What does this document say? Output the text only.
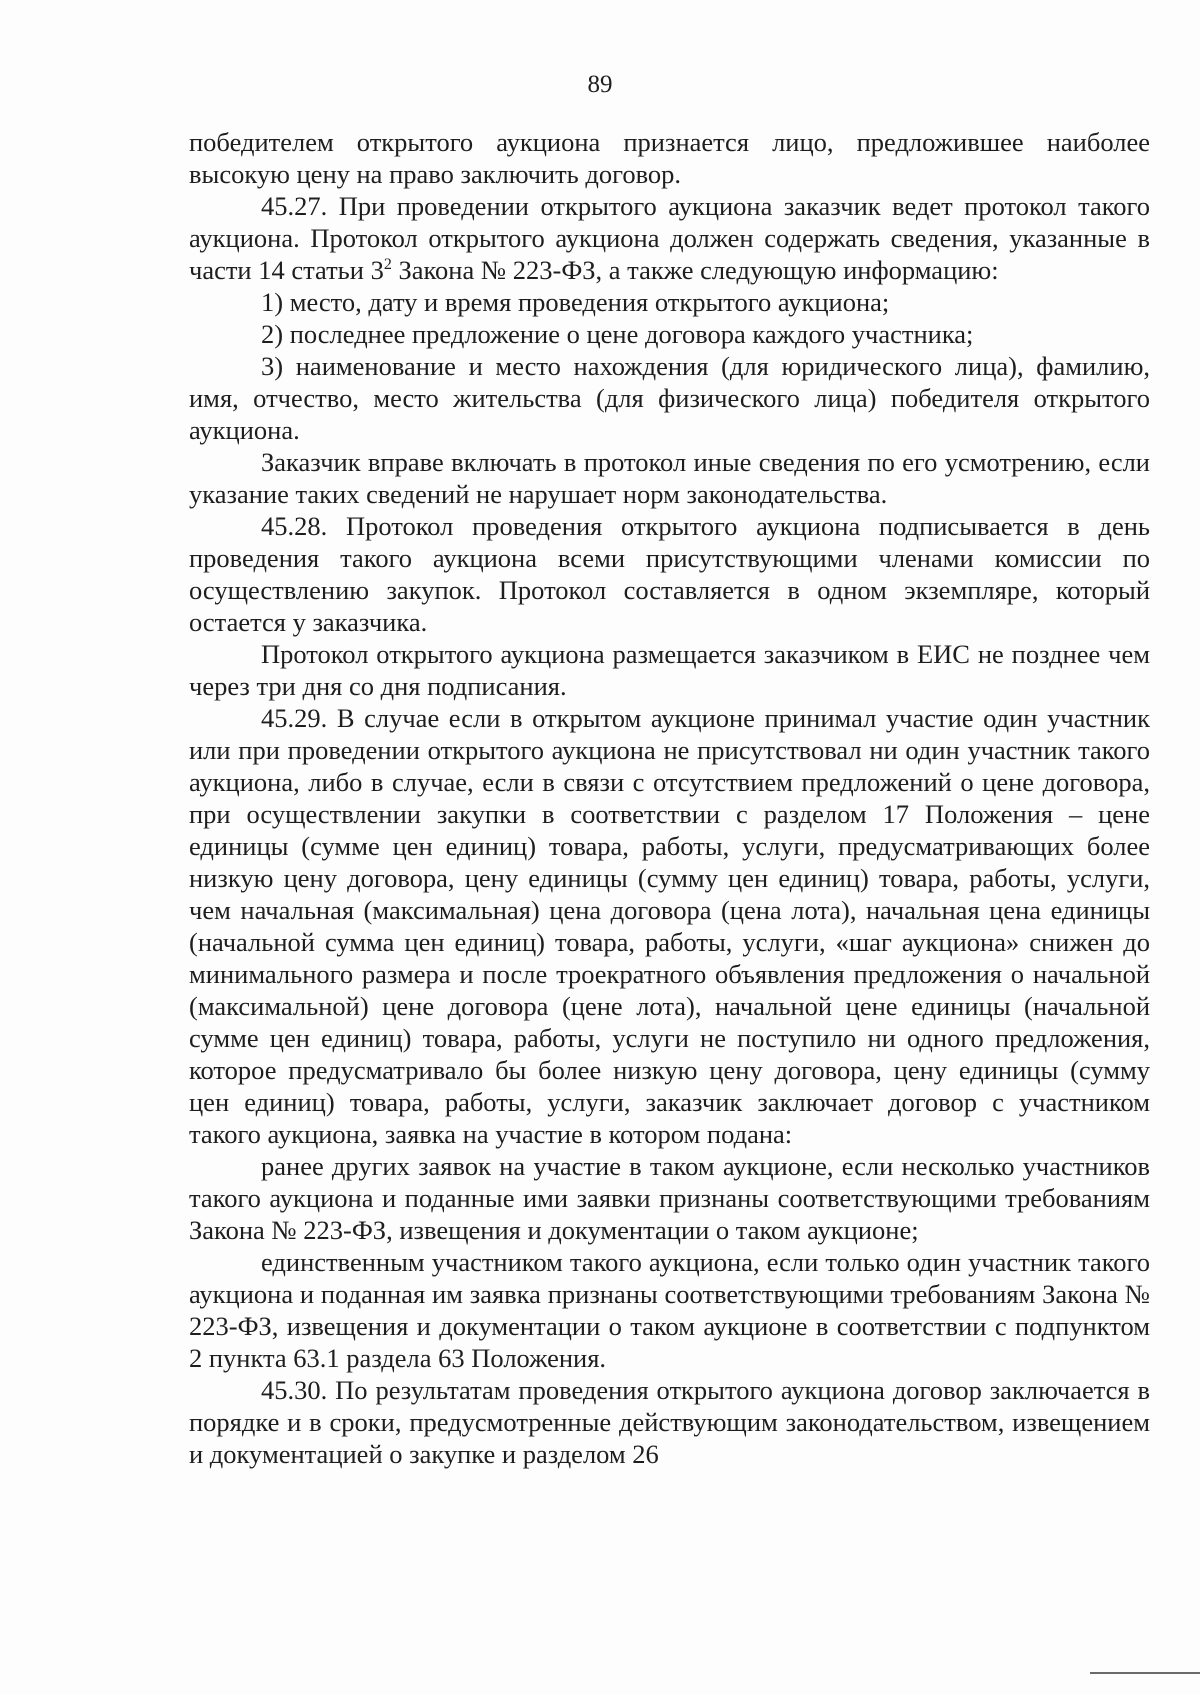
89

победителем открытого аукциона признается лицо, предложившее наиболее высокую цену на право заключить договор.

45.27. При проведении открытого аукциона заказчик ведет протокол такого аукциона. Протокол открытого аукциона должен содержать сведения, указанные в части 14 статьи $3^2$ Закона № 223-ФЗ, а также следующую информацию:

1) место, дату и время проведения открытого аукциона;

2) последнее предложение о цене договора каждого участника;

3) наименование и место нахождения (для юридического лица), фамилию, имя, отчество, место жительства (для физического лица) победителя открытого аукциона.

Заказчик вправе включать в протокол иные сведения по его усмотрению, если указание таких сведений не нарушает норм законодательства.

45.28. Протокол проведения открытого аукциона подписывается в день проведения такого аукциона всеми присутствующими членами комиссии по осуществлению закупок. Протокол составляется в одном экземпляре, который остается у заказчика.

Протокол открытого аукциона размещается заказчиком в ЕИС не позднее чем через три дня со дня подписания.

45.29. В случае если в открытом аукционе принимал участие один участник или при проведении открытого аукциона не присутствовал ни один участник такого аукциона, либо в случае, если в связи с отсутствием предложений о цене договора, при осуществлении закупки в соответствии с разделом 17 Положения – цене единицы (сумме цен единиц) товара, работы, услуги, предусматривающих более низкую цену договора, цену единицы (сумму цен единиц) товара, работы, услуги, чем начальная (максимальная) цена договора (цена лота), начальная цена единицы (начальной сумма цен единиц) товара, работы, услуги, «шаг аукциона» снижен до минимального размера и после троекратного объявления предложения о начальной (максимальной) цене договора (цене лота), начальной цене единицы (начальной сумме цен единиц) товара, работы, услуги не поступило ни одного предложения, которое предусматривало бы более низкую цену договора, цену единицы (сумму цен единиц) товара, работы, услуги, заказчик заключает договор с участником такого аукциона, заявка на участие в котором подана:

ранее других заявок на участие в таком аукционе, если несколько участников такого аукциона и поданные ими заявки признаны соответствующими требованиям Закона № 223-ФЗ, извещения и документации о таком аукционе;

единственным участником такого аукциона, если только один участник такого аукциона и поданная им заявка признаны соответствующими требованиям Закона № 223-ФЗ, извещения и документации о таком аукционе в соответствии с подпунктом 2 пункта 63.1 раздела 63 Положения.

45.30. По результатам проведения открытого аукциона договор заключается в порядке и в сроки, предусмотренные действующим законодательством, извещением и документацией о закупке и разделом 26
